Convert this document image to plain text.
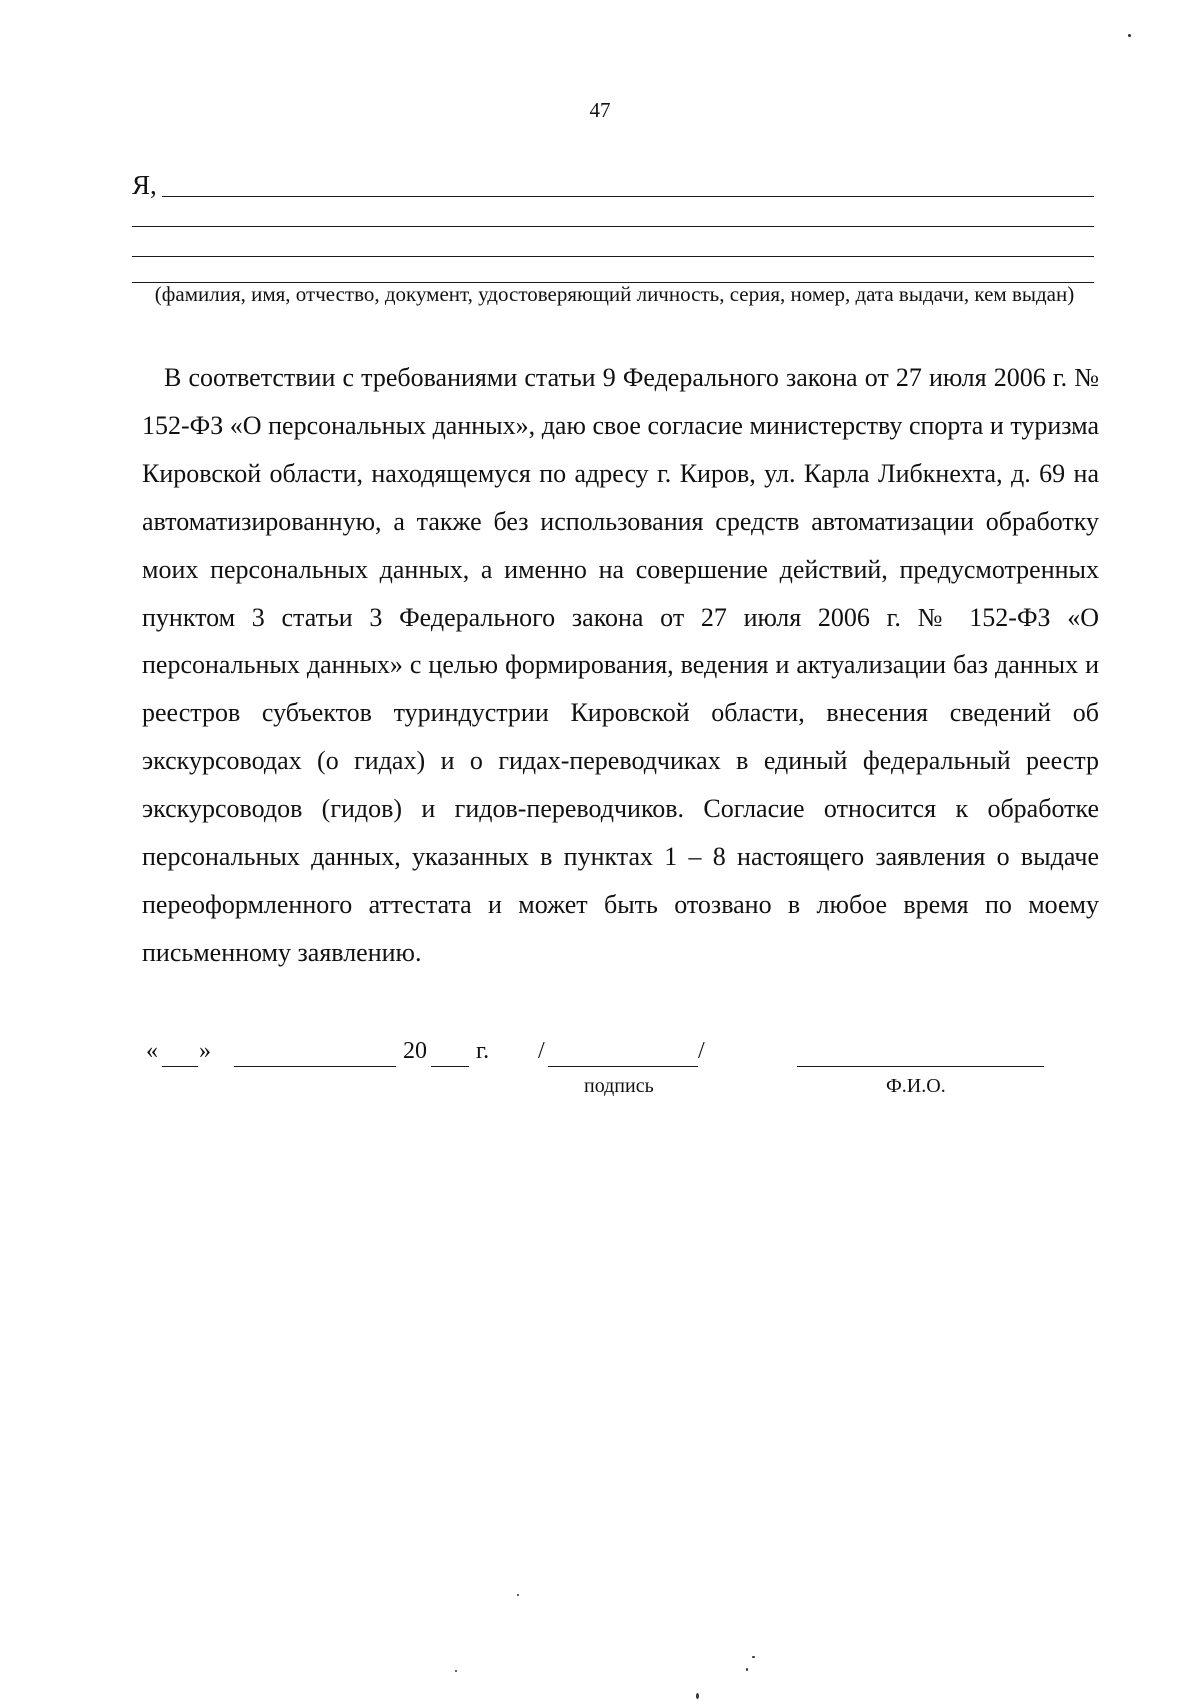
47
Я,
(фамилия, имя, отчество, документ, удостоверяющий личность, серия, номер, дата выдачи, кем выдан)

В соответствии с требованиями статьи 9 Федерального закона от 27 июля 2006 г. № 152-ФЗ «О персональных данных», даю свое согласие министерству спорта и туризма Кировской области, находящемуся по адресу г. Киров, ул. Карла Либкнехта, д. 69 на автоматизированную, а также без использования средств автоматизации обработку моих персональных данных, а именно на совершение действий, предусмотренных пунктом 3 статьи 3 Федерального закона от 27 июля 2006 г. № 152-ФЗ «О персональных данных» с целью формирования, ведения и актуализации баз данных и реестров субъектов туриндустрии Кировской области, внесения сведений об экскурсоводах (о гидах) и о гидах-переводчиках в единый федеральный реестр экскурсоводов (гидов) и гидов-переводчиков. Согласие относится к обработке персональных данных, указанных в пунктах 1 – 8 настоящего заявления о выдаче переоформленного аттестата и может быть отозвано в любое время по моему письменному заявлению.

« »	20 г. /	/
подпись	Ф.И.О.
